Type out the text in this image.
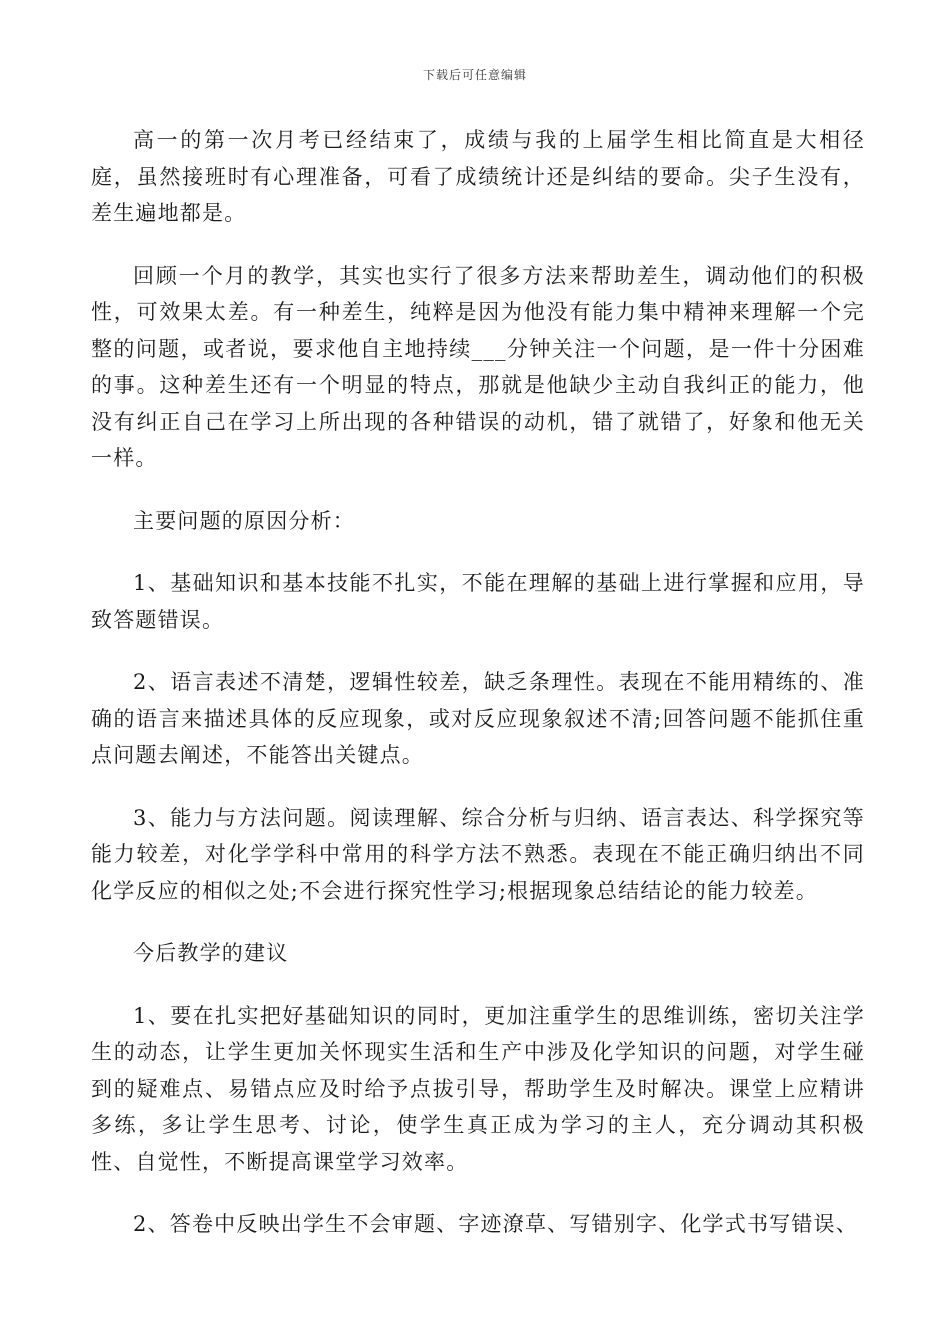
下载后可任意编辑

高一的第一次月考已经结束了，成绩与我的上届学生相比简直是大相径庭，虽然接班时有心理准备，可看了成绩统计还是纠结的要命。尖子生没有，差生遍地都是。

回顾一个月的教学，其实也实行了很多方法来帮助差生，调动他们的积极性，可效果太差。有一种差生，纯粹是因为他没有能力集中精神来理解一个完整的问题，或者说，要求他自主地持续___分钟关注一个问题，是一件十分困难的事。这种差生还有一个明显的特点，那就是他缺少主动自我纠正的能力，他没有纠正自己在学习上所出现的各种错误的动机，错了就错了，好象和他无关一样。

主要问题的原因分析：

1、基础知识和基本技能不扎实，不能在理解的基础上进行掌握和应用，导致答题错误。

2、语言表述不清楚，逻辑性较差，缺乏条理性。表现在不能用精练的、准确的语言来描述具体的反应现象，或对反应现象叙述不清;回答问题不能抓住重点问题去阐述，不能答出关键点。

3、能力与方法问题。阅读理解、综合分析与归纳、语言表达、科学探究等能力较差，对化学学科中常用的科学方法不熟悉。表现在不能正确归纳出不同化学反应的相似之处;不会进行探究性学习;根据现象总结结论的能力较差。

今后教学的建议

1、要在扎实把好基础知识的同时，更加注重学生的思维训练，密切关注学生的动态，让学生更加关怀现实生活和生产中涉及化学知识的问题，对学生碰到的疑难点、易错点应及时给予点拔引导，帮助学生及时解决。课堂上应精讲多练，多让学生思考、讨论，使学生真正成为学习的主人，充分调动其积极性、自觉性，不断提高课堂学习效率。

2、答卷中反映出学生不会审题、字迹潦草、写错别字、化学式书写错误、
